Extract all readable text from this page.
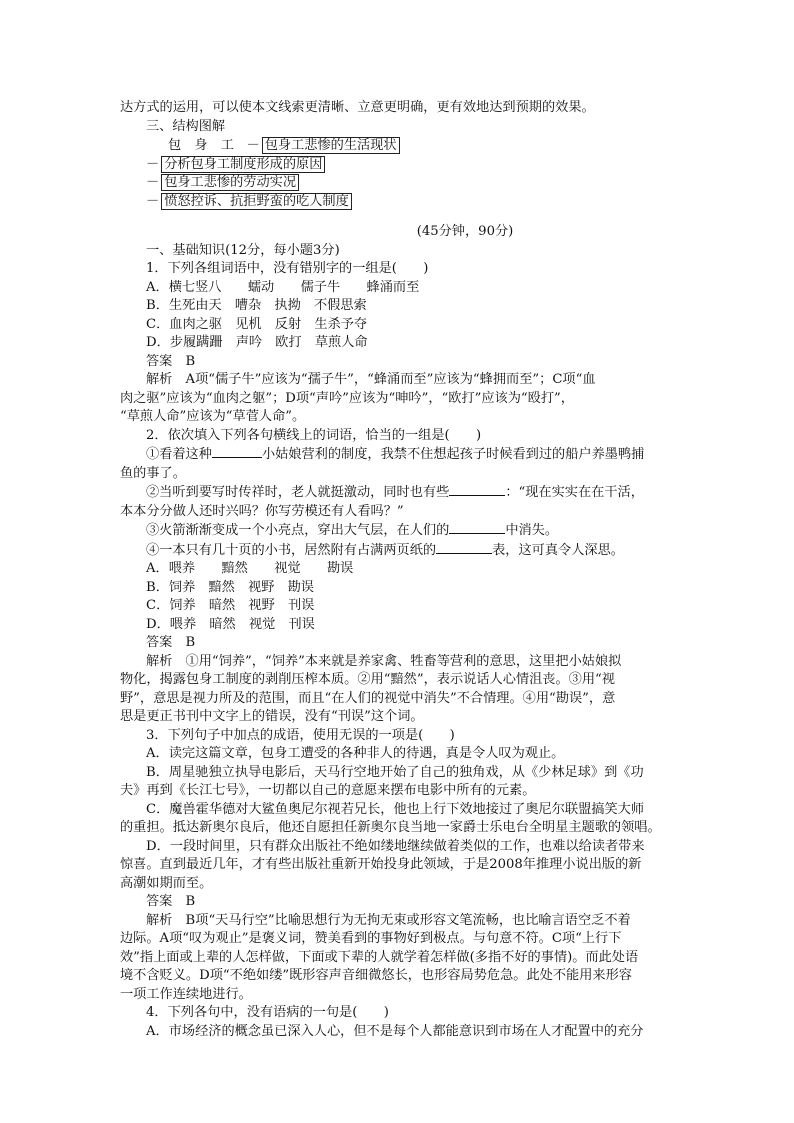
达方式的运用，可以使本文线索更清晰、立意更明确，更有效地达到预期的效果。
三、结构图解
包　身　工   － 包身工悲惨的生活现状
－ 分析包身工制度形成的原因
－ 包身工悲惨的劳动实况
－ 愤怒控诉、抗拒野蛮的吃人制度
(45分钟，90分)
一、基础知识(12分，每小题3分)
1．下列各组词语中，没有错别字的一组是(　　)
A．横七竖八　　蠕动　　儒子牛　　蜂涌而至
B．生死由天　嘈杂　执拗　不假思索
C．血肉之驱　见机　反射　生杀予夺
D．步履蹒跚　声吟　欧打　草煎人命
答案　B
解析　A项“儒子牛”应该为“孺子牛”，“蜂涌而至”应该为“蜂拥而至”；C项“血
肉之驱”应该为“血肉之躯”；D项“声吟”应该为“呻吟”，“欧打”应该为“殴打”，
“草煎人命”应该为“草菅人命”。
2．依次填入下列各句横线上的词语，恰当的一组是(　　)
①看着这种	小姑娘营利的制度，我禁不住想起孩子时候看到过的船户养墨鸭捕
鱼的事了。
②当听到要写时传祥时，老人就挺激动，同时也有些	：“现在实实在在干活，
本本分分做人还时兴吗？你写劳模还有人看吗？”
③火箭渐渐变成一个小亮点，穿出大气层，在人们的	中消失。
④一本只有几十页的小书，居然附有占满两页纸的	表，这可真令人深思。
A．喂养　　黯然　　视觉　　勘误
B．饲养　黯然　视野　勘误
C．饲养　暗然　视野　刊误
D．喂养　暗然　视觉　刊误
答案　B
解析　①用“饲养”，“饲养”本来就是养家禽、牲畜等营利的意思，这里把小姑娘拟
物化，揭露包身工制度的剥削压榨本质。②用“黯然”，表示说话人心情沮丧。③用“视
野”，意思是视力所及的范围，而且“在人们的视觉中消失”不合情理。④用“勘误”，意
思是更正书刊中文字上的错误，没有“刊误”这个词。
3．下列句子中加点的成语，使用无误的一项是(　　)
A．读完这篇文章，包身工遭受的各种非人的待遇，真是令人叹为观止。
B．周星驰独立执导电影后，天马行空地开始了自己的独角戏，从《少林足球》到《功
夫》再到《长江七号》，一切都以自己的意愿来摆布电影中所有的元素。
C．魔兽霍华德对大鲨鱼奥尼尔视若兄长，他也上行下效地接过了奥尼尔联盟搞笑大师
的重担。抵达新奥尔良后，他还自愿担任新奥尔良当地一家爵士乐电台全明星主题歌的领唱。
D．一段时间里，只有群众出版社不绝如缕地继续做着类似的工作，也难以给读者带来
惊喜。直到最近几年，才有些出版社重新开始投身此领域，于是2008年推理小说出版的新
高潮如期而至。
答案　B
解析　B项“天马行空”比喻思想行为无拘无束或形容文笔流畅，也比喻言语空乏不着
边际。A项“叹为观止”是褒义词，赞美看到的事物好到极点。与句意不符。C项“上行下
效”指上面或上辈的人怎样做，下面或下辈的人就学着怎样做(多指不好的事情)。而此处语
境不含贬义。D项“不绝如缕”既形容声音细微悠长，也形容局势危急。此处不能用来形容
一项工作连续地进行。
4．下列各句中，没有语病的一句是(　　)
A．市场经济的概念虽已深入人心，但不是每个人都能意识到市场在人才配置中的充分
